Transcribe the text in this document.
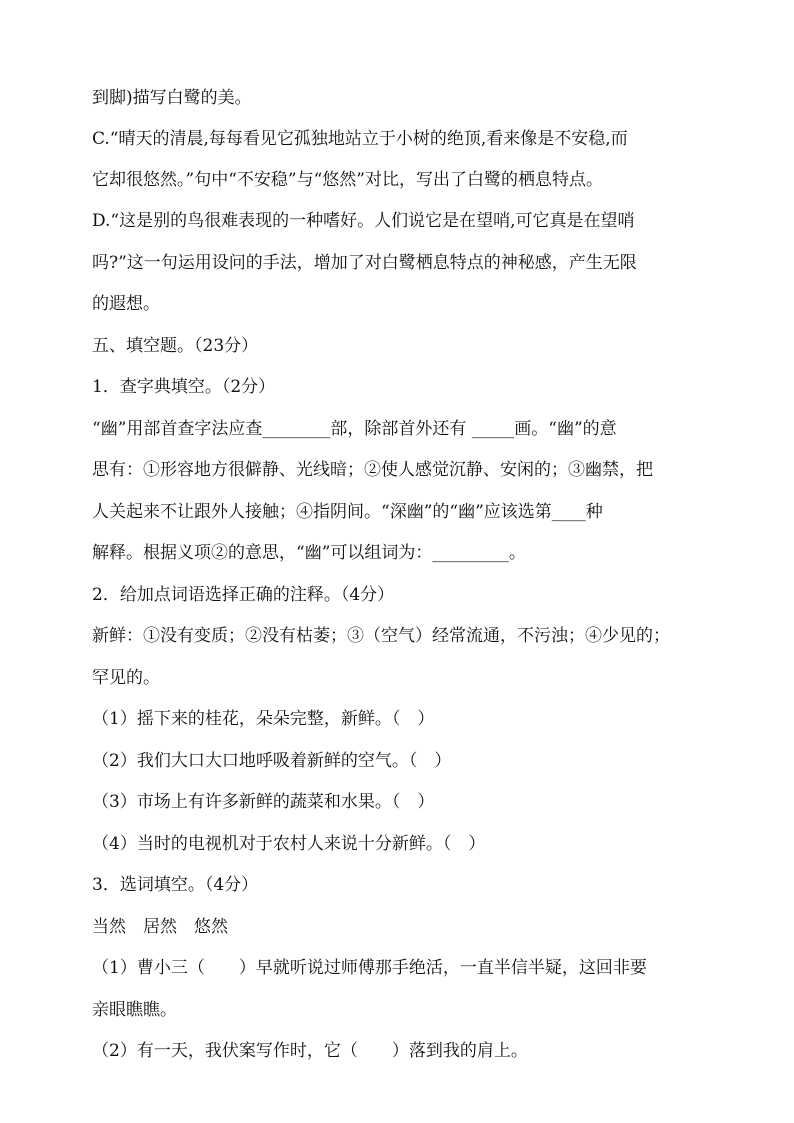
到脚)描写白鹭的美。
C.“晴天的清晨,每每看见它孤独地站立于小树的绝顶,看来像是不安稳,而
它却很悠然。”句中“不安稳”与“悠然”对比，写出了白鹭的栖息特点。
D.“这是别的鸟很难表现的一种嗜好。人们说它是在望哨,可它真是在望哨
吗?”这一句运用设问的手法，增加了对白鹭栖息特点的神秘感，产生无限
的遐想。
五、填空题。（23分）
1．查字典填空。（2分）
“幽”用部首查字法应查________部，除部首外还有 _____画。“幽”的意
思有：①形容地方很僻静、光线暗；②使人感觉沉静、安闲的；③幽禁，把
人关起来不让跟外人接触；④指阴间。“深幽”的“幽”应该选第____种
解释。根据义项②的意思，“幽”可以组词为：_________。
2．给加点词语选择正确的注释。（4分）
新鲜：①没有变质；②没有枯萎；③（空气）经常流通，不污浊；④少见的；
罕见的。
（1）摇下来的桂花，朵朵完整，新鲜。（　）
（2）我们大口大口地呼吸着新鲜的空气。（　）
（3）市场上有许多新鲜的蔬菜和水果。（　）
（4）当时的电视机对于农村人来说十分新鲜。（　）
3．选词填空。（4分）
当然　居然　悠然
（1）曹小三（　　）早就听说过师傅那手绝活，一直半信半疑，这回非要
亲眼瞧瞧。
（2）有一天，我伏案写作时，它（　　）落到我的肩上。
